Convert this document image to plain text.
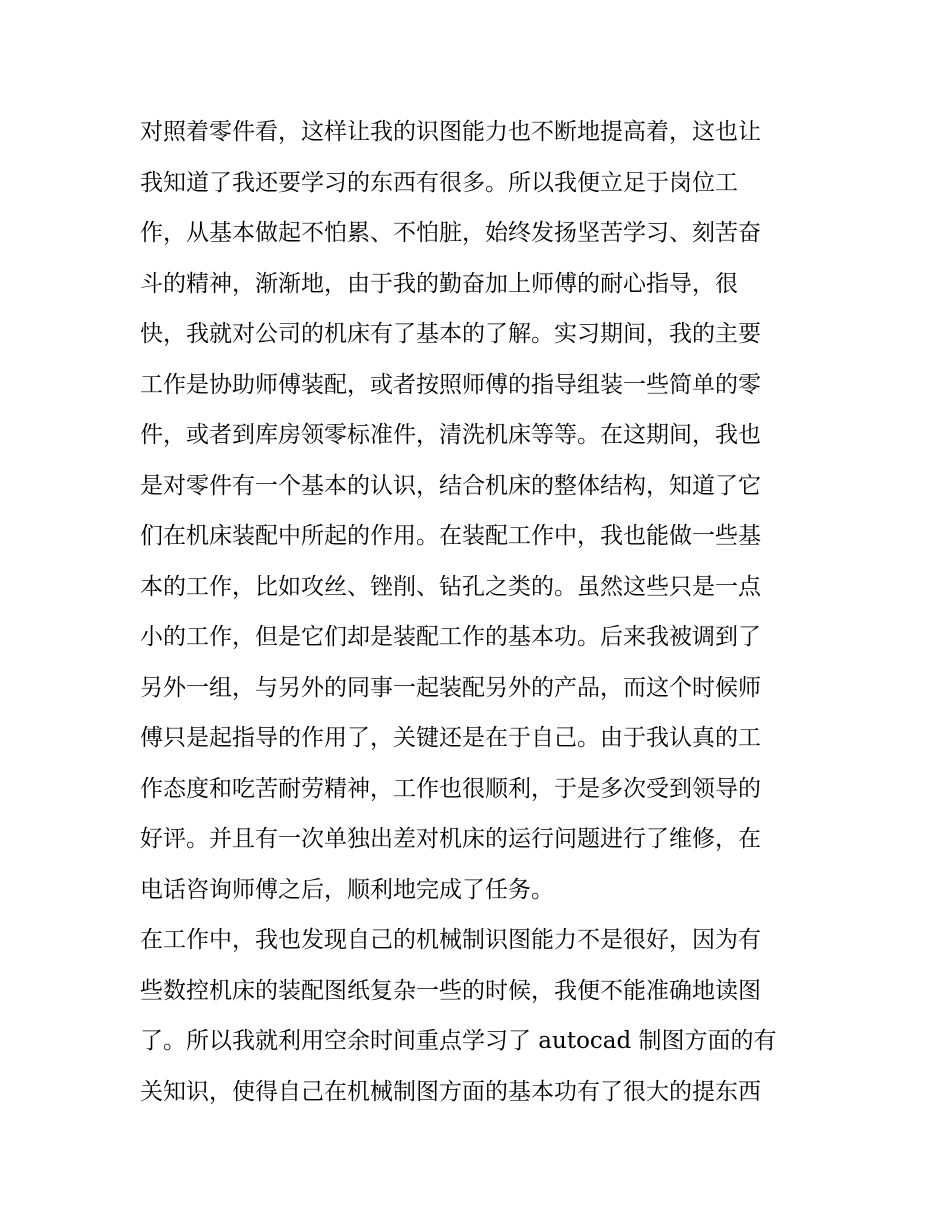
对照着零件看，这样让我的识图能力也不断地提高着，这也让
我知道了我还要学习的东西有很多。所以我便立足于岗位工
作，从基本做起不怕累、不怕脏，始终发扬坚苦学习、刻苦奋
斗的精神，渐渐地，由于我的勤奋加上师傅的耐心指导，很
快，我就对公司的机床有了基本的了解。实习期间，我的主要
工作是协助师傅装配，或者按照师傅的指导组装一些简单的零
件，或者到库房领零标准件，清洗机床等等。在这期间，我也
是对零件有一个基本的认识，结合机床的整体结构，知道了它
们在机床装配中所起的作用。在装配工作中，我也能做一些基
本的工作，比如攻丝、锉削、钻孔之类的。虽然这些只是一点
小的工作，但是它们却是装配工作的基本功。后来我被调到了
另外一组，与另外的同事一起装配另外的产品，而这个时候师
傅只是起指导的作用了，关键还是在于自己。由于我认真的工
作态度和吃苦耐劳精神，工作也很顺利，于是多次受到领导的
好评。并且有一次单独出差对机床的运行问题进行了维修，在
电话咨询师傅之后，顺利地完成了任务。
在工作中，我也发现自己的机械制识图能力不是很好，因为有
些数控机床的装配图纸复杂一些的时候，我便不能准确地读图
了。所以我就利用空余时间重点学习了 autocad 制图方面的有
关知识，使得自己在机械制图方面的基本功有了很大的提东西
